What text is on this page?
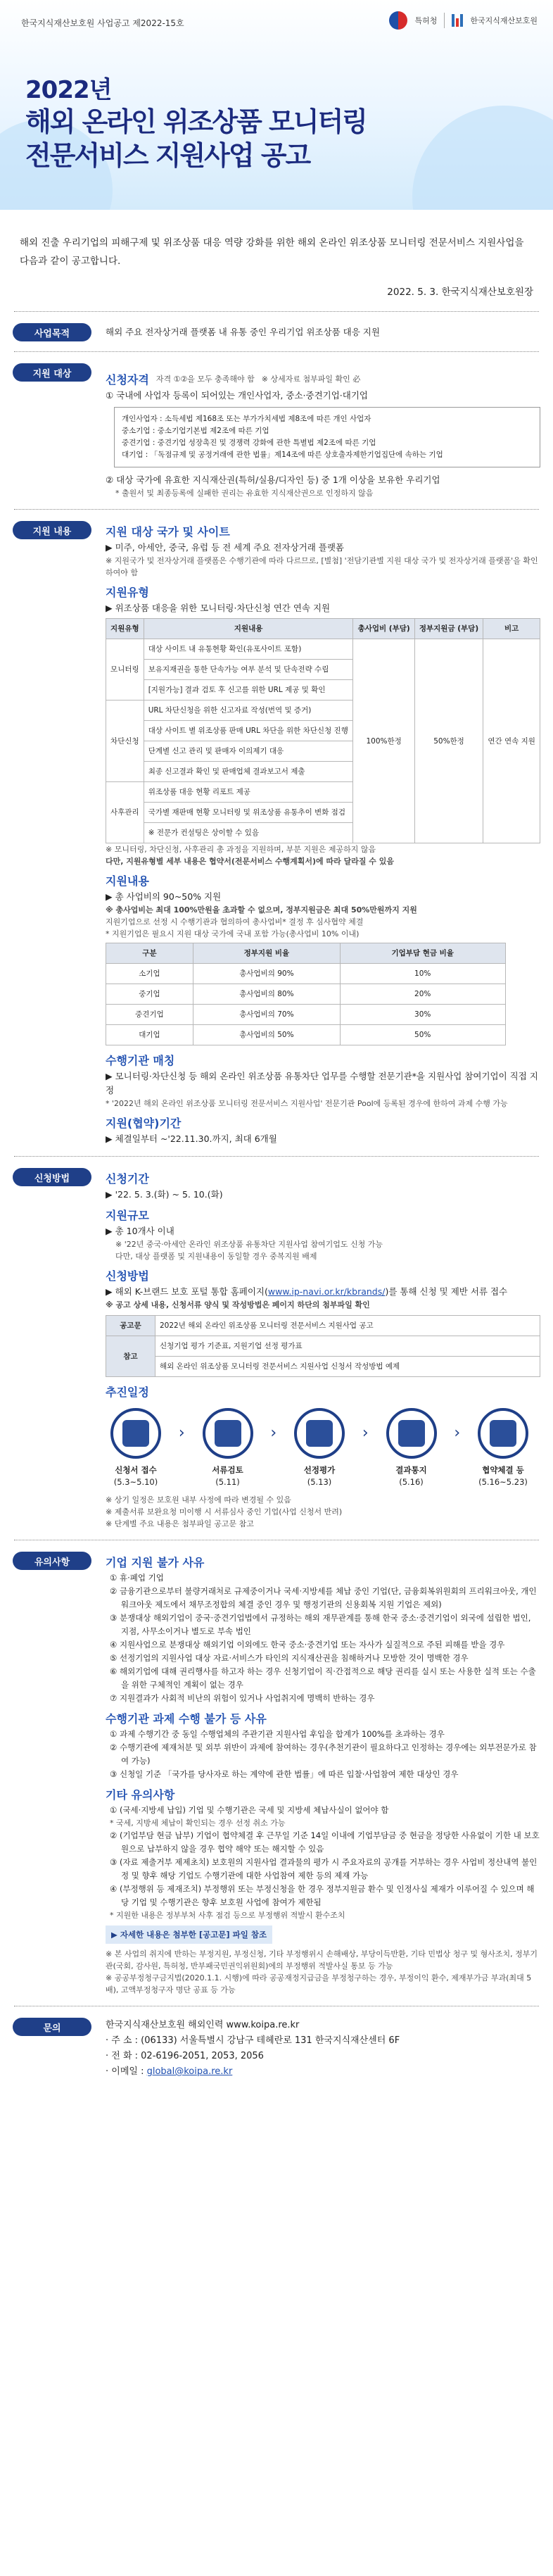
한국지식재산보호원 사업공고 제2022-15호	특허청	한국지식재산보호원
2022년
해외 온라인 위조상품 모니터링
전문서비스 지원사업 공고
해외 진출 우리기업의 피해구제 및 위조상품 대응 역량 강화를 위한 해외 온라인 위조상품 모니터링 전문서비스 지원사업을 다음과 같이 공고합니다.
2022. 5. 3. 한국지식재산보호원장
사업목적	해외 주요 전자상거래 플랫폼 내 유통 중인 우리기업 위조상품 대응 지원
지원 대상	신청자격 자격 ①②을 모두 충족해야 함 ※ 상세자료 첨부파일 확인 必
① 국내에 사업자 등록이 되어있는 개인사업자, 중소·중견기업·대기업
개인사업자 : 소득세법 제168조 또는 부가가치세법 제8조에 따른 개인 사업자
중소기업 : 중소기업기본법 제2조에 따른 기업
중견기업 : 중견기업 성장촉진 및 경쟁력 강화에 관한 특별법 제2조에 따른 기업
대기업 : 「독점규제 및 공정거래에 관한 법률」제14조에 따른 상호출자제한기업집단에 속하는 기업
② 대상 국가에 유효한 지식재산권(특허/실용/디자인 등) 중 1개 이상을 보유한 우리기업
* 출원서 및 최종등록에 실패한 권리는 유효한 지식재산권으로 인정하지 않음
지원 내용	지원 대상 국가 및 사이트
▶ 미주, 아세안, 중국, 유럽 등 전 세계 주요 전자상거래 플랫폼
※ 지원국가 및 전자상거래 플랫폼은 수행기관에 따라 다르므로, [별첨] '전담기관별 지원 대상 국가 및 전자상거래 플랫폼'을 확인하여야 함
지원유형
▶ 위조상품 대응을 위한 모니터링·차단신청 연간 연속 지원
지원유형	지원내용	총사업비 (부담)	정부지원금 (부담)	비고
모니터링	대상 사이트 내 유통현황 확인(유포사이트 포함)	100%한정	50%한정	연간 연속 지원
	보유지재권을 통한 단속가능 여부 분석 및 단속전략 수립			
	[지원가능] 결과 검토 후 신고를 위한 URL 제공 및 확인			
차단신청	URL 차단신청을 위한 신고자료 작성(번역 및 증거)			
	대상 사이트 별 위조상품 판매 URL 차단을 위한 차단신청 진행			
	단계별 신고 관리 및 판매자 이의제기 대응			
	최종 신고결과 확인 및 판매업체 결과보고서 제출			
사후관리	위조상품 대응 현황 리포트 제공			
	국가별 재판매 현황 모니터링 및 위조상품 유통추이 변화 점검			
	※ 전문가 컨설팅은 상이할 수 있음			
※ 모니터링, 차단신청, 사후관리 총 과정을 지원하며, 부분 지원은 제공하지 않음
다만, 지원유형별 세부 내용은 협약서(전문서비스 수행계획서)에 따라 달라질 수 있음
지원내용
▶ 총 사업비의 90~50% 지원
※ 총사업비는 최대 100%만원을 초과할 수 없으며, 정부지원금은 최대 50%만원까지 지원
지원기업으로 선정 시 수행기관과 협의하여 총사업비* 결정 후 심사협약 체결
* 지원기업은 필요시 지원 대상 국가에 국내 포함 가능(총사업비 10% 이내)
구분	정부지원 비율	기업부담 현금 비율
소기업	총사업비의 90%	10%
중기업	총사업비의 80%	20%
중견기업	총사업비의 70%	30%
대기업	총사업비의 50%	50%
수행기관 매칭
▶ 모니터링·차단신청 등 해외 온라인 위조상품 유통차단 업무를 수행할 전문기관*을 지원사업 참여기업이 직접 지정
* '2022년 해외 온라인 위조상품 모니터링 전문서비스 지원사업' 전문기관 Pool에 등록된 경우에 한하여 과제 수행 가능
지원(협약)기간
▶ 체결일부터 ~'22.11.30.까지, 최대 6개월
신청방법	신청기간
▶ '22. 5. 3.(화) ~ 5. 10.(화)
지원규모
▶ 총 10개사 이내
※ '22년 중국·아세안 온라인 위조상품 유통차단 지원사업 참여기업도 신청 가능
다만, 대상 플랫폼 및 지원내용이 동일할 경우 중복지원 배제
신청방법
▶ 해외 K-브랜드 보호 포털 통합 홈페이지(www.ip-navi.or.kr/kbrands/)를 통해 신청 및 제반 서류 접수
※ 공고 상세 내용, 신청서류 양식 및 작성방법은 페이지 하단의 첨부파일 확인
공고문	2022년 해외 온라인 위조상품 모니터링 전문서비스 지원사업 공고
참고	신청기업 평가 기준표, 지원기업 선정 평가표
	해외 온라인 위조상품 모니터링 전문서비스 지원사업 신청서 작성방법 예제
추진일정
신청서 접수
(5.3~5.10)
›
서류검토
(5.11)
›
선정평가
(5.13)
›
결과통지
(5.16)
›
협약체결 등
(5.16~5.23)
※ 상기 일정은 보호원 내부 사정에 따라 변경될 수 있음
※ 제출서류 보완요청 미이행 시 서류심사 중인 기업(사업 신청서 반려)
※ 단계별 주요 내용은 첨부파일 공고문 참고
유의사항	기업 지원 불가 사유
① 휴·폐업 기업
② 금융기관으로부터 불량거래처로 규제중이거나 국세·지방세를 체납 중인 기업(단, 금융회복위원회의 프리워크아웃, 개인워크아웃 제도에서 채무조정합의 체결 중인 경우 및 행정기관의 신용회복 지원 기업은 제외)
③ 분쟁대상 해외기업이 중국·중견기업법에서 규정하는 해외 재무관계를 통해 한국 중소·중견기업이 외국에 설립한 법인, 지점, 사무소이거나 별도로 부속 법인
④ 지원사업으로 분쟁대상 해외기업 이외에도 한국 중소·중견기업 또는 자사가 실질적으로 주된 피해를 받을 경우
⑤ 선정기업의 지원사업 대상 자료·서비스가 타인의 지식재산권을 침해하거나 모방한 것이 명백한 경우
⑥ 해외기업에 대해 권리행사를 하고자 하는 경우 신청기업이 직·간접적으로 해당 권리를 실시 또는 사용한 실적 또는 수출을 위한 구체적인 계획이 없는 경우
⑦ 지원결과가 사회적 비난의 위험이 있거나 사업취지에 명백히 반하는 경우
수행기관 과제 수행 불가 등 사유
① 과제 수행기간 중 동일 수행업체의 주관기관 지원사업 후입을 합계가 100%를 초과하는 경우
② 수행기관에 제재처분 및 외부 위반이 과제에 참여하는 경우(추천기관이 필요하다고 인정하는 경우에는 외부전문가로 참여 가능)
③ 신청일 기준 「국가를 당사자로 하는 계약에 관한 법률」에 따른 입찰·사업참여 제한 대상인 경우
기타 유의사항
① (국세·지방세 납입) 기업 및 수행기관은 국세 및 지방세 체납사실이 없어야 함
* 국세, 지방세 체납이 확인되는 경우 선정 취소 가능
② (기업부담 현금 납부) 기업이 협약체결 후 근무일 기준 14일 이내에 기업부담금 중 현금을 정당한 사유없이 기한 내 보호원으로 납부하지 않을 경우 협약 해약 또는 해지할 수 있음
③ (자료 제출거부 제제초치) 보호원의 지원사업 결과물의 평가 시 주요자료의 공개를 거부하는 경우 사업비 정산내역 불인정 및 향후 해당 기업도 수행기관에 대한 사업참여 제한 등의 제재 가능
④ (부정행위 등 제재조치) 부정행위 또는 부정신청을 한 경우 정부지원금 환수 및 인정사실 제재가 이루어질 수 있으며 해당 기업 및 수행기관은 향후 보호원 사업에 참여가 제한됨
* 지원한 내용은 정부부처 사후 점검 등으로 부정행위 적발시 환수조치
▶ 자세한 내용은 첨부한 [공고문] 파일 참조
※ 본 사업의 취지에 반하는 부정지원, 부정신청, 기타 부정행위시 손해배상, 부당이득반환, 기타 민법상 청구 및 형사조치, 정부기관(국회, 감사원, 특허청, 반부패국민권익위원회)에의 부정행위 적발사실 통보 등 가능
※ 공공부정청구금지법(2020.1.1. 시행)에 따라 공공재정지급금을 부정청구하는 경우, 부정이익 환수, 제재부가금 부과(최대 5배), 고액부정청구자 명단 공표 등 가능
문의	한국지식재산보호원 해외인력 www.koipa.re.kr
· 주 소 : (06133) 서울특별시 강남구 테헤란로 131 한국지식재산센터 6F
· 전 화 : 02-6196-2051, 2053, 2056
· 이메일 : global@koipa.re.kr
